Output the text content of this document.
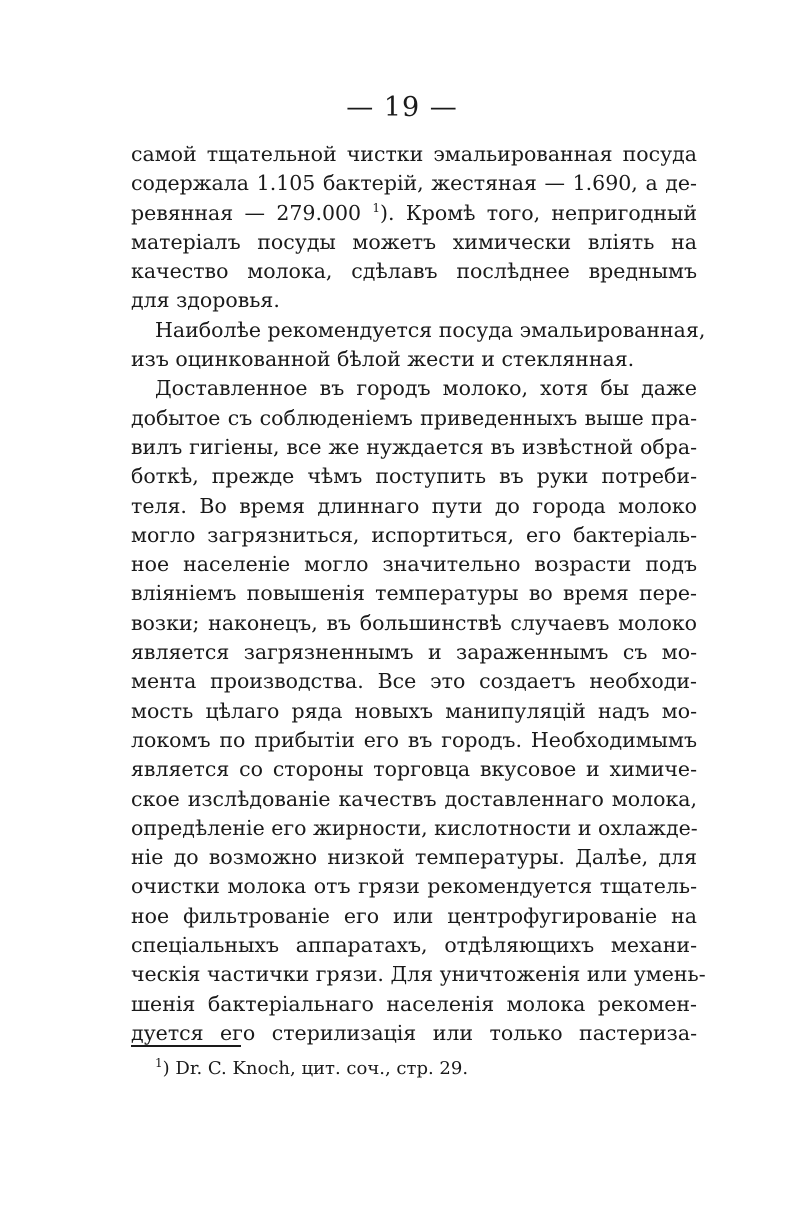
— 19 —
самой тщательной чистки эмальированная посуда
содержала 1.105 бактерій, жестяная — 1.690, а де-
ревянная — 279.000 $^1$). Кромѣ того, непригодный
матеріалъ посуды можетъ химически влiять на
качество молока, сдѣлавъ послѣднее вреднымъ
для здоровья.
Наиболѣе рекомендуется посуда эмальированная,
изъ оцинкованной бѣлой жести и стеклянная.
Доставленное въ городъ молоко, хотя бы даже
добытое съ соблюденіемъ приведенныхъ выше пра-
вилъ гигіены, все же нуждается въ извѣстной обра-
боткѣ, прежде чѣмъ поступить въ руки потреби-
теля. Во время длиннаго пути до города молоко
могло загрязниться, испортиться, его бактеріаль-
ное населеніе могло значительно возрасти подъ
вліяніемъ повышенія температуры во время пере-
возки; наконецъ, въ большинствѣ случаевъ молоко
является загрязненнымъ и зараженнымъ съ мо-
мента производства. Все это создаетъ необходи-
мость цѣлаго ряда новыхъ манипуляцій надъ мо-
локомъ по прибытіи его въ городъ. Необходимымъ
является со стороны торговца вкусовое и химиче-
ское изслѣдованіе качествъ доставленнаго молока,
опредѣленіе его жирности, кислотности и охлажде-
ніе до возможно низкой температуры. Далѣе, для
очистки молока отъ грязи рекомендуется тщатель-
ное фильтрованіе его или центрофугированіе на
спеціальныхъ аппаратахъ, отдѣляющихъ механи-
ческія частички грязи. Для уничтоженія или умень-
шенія бактеріальнаго населенія молока рекомен-
дуется его стерилизація или только пастериза-
$^1$) Dr. C. Knoch, цит. соч., стр. 29.
